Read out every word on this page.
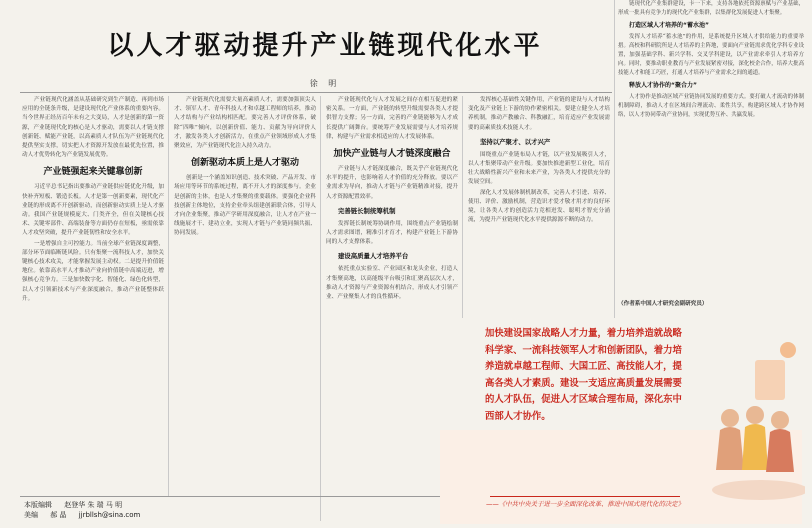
以人才驱动提升产业链现代化水平
徐 明

产业链现代化涵盖从基础研究到生产制造、再到市场应用的全链条升级，是建设现代化产业体系的重要内容。当今世界正经历百年未有之大变局，人才是创新的第一资源，产业链现代化的核心是人才驱动，需要以人才链支撑创新链、赋能产业链，以高素质人才队伍为产业链现代化提供坚实支撑，切实把人才资源开发放在最优先位置，推动人才优势转化为产业链发展优势。

产业链强起来关键靠创新

习近平总书记指出要推动产业链供应链优化升级，加快补齐短板、锻造长板。人才是第一创新要素，现代化产业链的形成离不开创新驱动，而创新驱动实质上是人才驱动。我国产业链规模庞大、门类齐全，但在关键核心技术、关键零部件、高端装备等方面仍存在短板，亟需依靠人才攻坚突破，提升产业链韧性和安全水平。

一是增强自主可控能力。当前全球产业链深度调整，部分环节面临断链风险。只有集聚一流科技人才，加快关键核心技术攻关，才能掌握发展主动权。二是提升价值链地位。依靠高水平人才推动产业向价值链中高端迈进，增强核心竞争力。三是加快数字化、智能化、绿色化转型，以人才引领新技术与产业深度融合，推动产业链整体跃升。

产业链现代化需要大量高素质人才，需要加强顶尖人才、领军人才、青年科技人才和卓越工程师的培养，推动人才结构与产业结构相匹配。要完善人才评价体系，破除“四唯”倾向，以创新价值、能力、贡献为导向评价人才，激发各类人才创新活力，在重点产业领域形成人才集聚效应，为产业链现代化注入持久动力。

创新驱动本质上是人才驱动

创新是一个涵盖知识创造、技术突破、产品开发、市场应用等环节的系统过程，离不开人才的深度参与。企业是创新的主体，也是人才集聚的重要载体。要强化企业科技创新主体地位，支持企业牵头组建创新联合体，引导人才向企业集聚，推动产学研用深度融合，让人才在产业一线施展才干、建功立业，实现人才链与产业链同频共振、协同发展。

产业链现代化与人才发展之间存在相互促进的紧密关系。一方面，产业链的转型升级需要各类人才提供智力支撑；另一方面，完善的产业链能够为人才成长提供广阔舞台。要统筹产业发展需要与人才培养规律，构建与产业需求相适应的人才发展体系。

加快产业链与人才链深度融合

产业链与人才链深度融合，既关乎产业链现代化水平的提升，也影响着人才价值的充分释放。要以产业需求为导向，推动人才链与产业链精准对接，提升人才资源配置效率。

完善链长制统筹机制

发挥链长制统筹协调作用，围绕重点产业链绘制人才需求图谱，精准引才育才，构建产业链上下游协同的人才支撑体系。

建设高质量人才培养平台

依托重点实验室、产业园区和龙头企业，打造人才集聚高地，以高能级平台吸引和汇聚高层次人才，推动人才资源与产业资源有机结合，形成人才引领产业、产业聚集人才的良性循环。

发挥核心基础性关键作用，产业链的建设与人才结构变化及产业链上下游的协作紧密相关。要建立健全人才培养机制，推动产教融合、科教融汇，培育适应产业发展需要的高素质技术技能人才。

坚持以产聚才、以才兴产

围绕重点产业链布局人才链，以产业发展吸引人才，以人才集聚带动产业升级。要加快推进新型工业化，培育壮大战略性新兴产业和未来产业，为各类人才提供充分的发展空间。

深化人才发展体制机制改革，完善人才引进、培养、使用、评价、激励机制，营造识才爱才敬才用才的良好环境，让各类人才的创造活力竞相迸发、聪明才智充分涌流，为提升产业链现代化水平提供源源不断的动力。

链现代化产业集群建设，卡一下来，支持各地依托资源禀赋与产业基础，形成一批具有竞争力的现代化产业集群，以集群化发展促进人才集聚。

打造区域人才培养的“蓄水池”

发挥人才培养“蓄水池”的作用，是系统提升区域人才供给能力的重要举措。高校和科研院所是人才培养的主阵地，要面向产业链需求优化学科专业设置，加强基础学科、新兴学科、交叉学科建设，以产业需求牵引人才培养方向。同时，要推动职业教育与产业发展紧密对接，深化校企合作，培养大批高技能人才和能工巧匠，打通人才培养与产业需求之间的通道。

释放人才协作的“聚合力”

人才协作是推动区域产业链协同发展的重要方式。要打破人才流动的体制机制障碍，推动人才在区域间合理流动、柔性共享，构建跨区域人才协作网络，以人才协同带动产业协同，实现优势互补、共赢发展。

（作者系中国人才研究会副研究员）
加快建设国家战略人才力量，着力培养造就战略科学家、一流科技领军人才和创新团队，着力培养造就卓越工程师、大国工匠、高技能人才，提高各类人才素质。建设一支适应高质量发展需要的人才队伍，促进人才区域合理布局，深化东中西部人才协作。
——《中共中央关于进一步全面深化改革、推进中国式现代化的决定》
本版编辑 赵登华 朱 瑞 马 明
美编 郝 晶 jjrbllsh@sina.com
